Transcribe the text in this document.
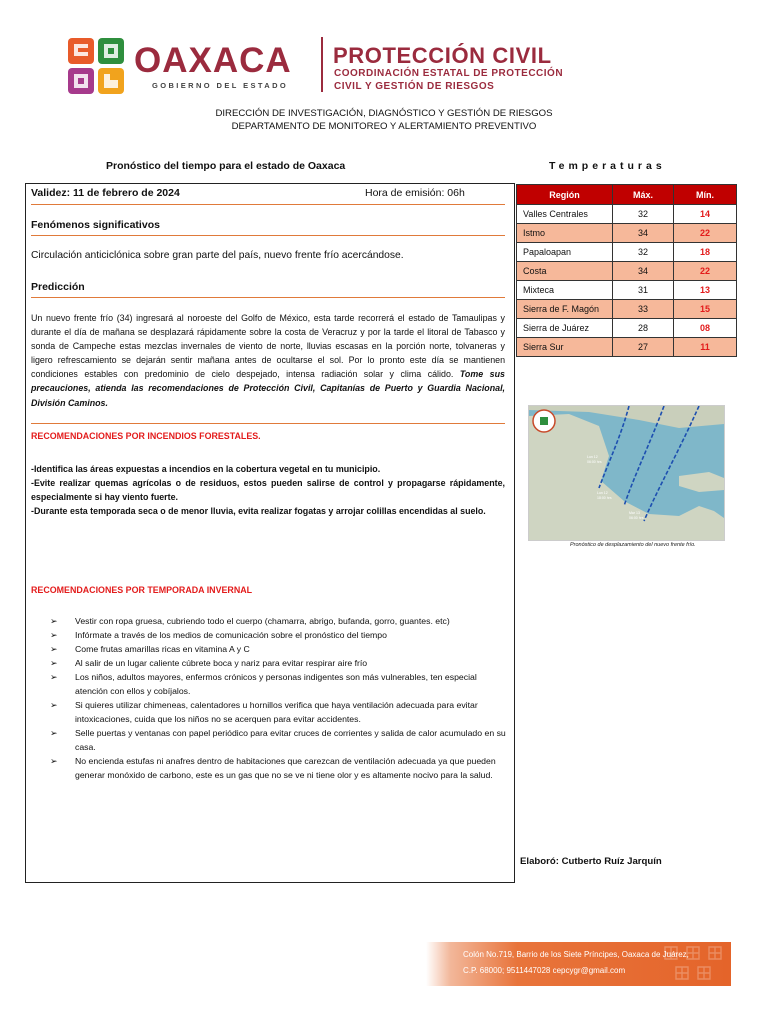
OAXACA
GOBIERNO DEL ESTADO
PROTECCIÓN CIVIL
COORDINACIÓN ESTATAL DE PROTECCIÓN
CIVIL Y GESTIÓN DE RIESGOS
DIRECCIÓN DE INVESTIGACIÓN, DIAGNÓSTICO Y GESTIÓN DE RIESGOS
DEPARTAMENTO DE MONITOREO Y ALERTAMIENTO PREVENTIVO
Pronóstico del tiempo para el estado de Oaxaca	Temperaturas
Validez: 11 de febrero de 2024	Hora de emisión: 06h
Fenómenos significativos
Circulación anticiclónica sobre gran parte del país, nuevo frente frío acercándose.
Predicción
Un nuevo frente frío (34) ingresará al noroeste del Golfo de México, esta tarde recorrerá el estado de Tamaulipas y durante el día de mañana se desplazará rápidamente sobre la costa de Veracruz y por la tarde el litoral de Tabasco y sonda de Campeche estas mezclas invernales de viento de norte, lluvias escasas en la porción norte, tolvaneras y ligero refrescamiento se dejarán sentir mañana antes de ocultarse el sol. Por lo pronto este día se mantienen condiciones estables con predominio de cielo despejado, intensa radiación solar y clima cálido. Tome sus precauciones, atienda las recomendaciones de Protección Civil, Capitanías de Puerto y Guardia Nacional, División Caminos.
RECOMENDACIONES POR INCENDIOS FORESTALES.
-Identifica las áreas expuestas a incendios en la cobertura vegetal en tu municipio.
-Evite realizar quemas agrícolas o de residuos, estos pueden salirse de control y propagarse rápidamente, especialmente si hay viento fuerte.
-Durante esta temporada seca o de menor lluvia, evita realizar fogatas y arrojar colillas encendidas al suelo.
RECOMENDACIONES POR TEMPORADA INVERNAL
➢ Vestir con ropa gruesa, cubriendo todo el cuerpo (chamarra, abrigo, bufanda, gorro, guantes. etc)
➢ Infórmate a través de los medios de comunicación sobre el pronóstico del tiempo
➢ Come frutas amarillas ricas en vitamina A y C
➢ Al salir de un lugar caliente cúbrete boca y nariz para evitar respirar aire frío
➢ Los niños, adultos mayores, enfermos crónicos y personas indigentes son más vulnerables, ten especial atención con ellos y cobíjalos.
➢ Si quieres utilizar chimeneas, calentadores u hornillos verifica que haya ventilación adecuada para evitar intoxicaciones, cuida que los niños no se acerquen para evitar accidentes.
➢ Selle puertas y ventanas con papel periódico para evitar cruces de corrientes y salida de calor acumulado en su casa.
➢ No encienda estufas ni anafres dentro de habitaciones que carezcan de ventilación adecuada ya que pueden generar monóxido de carbono, este es un gas que no se ve ni tiene olor y es altamente nocivo para la salud.
Región	Máx.	Mín.
Valles Centrales	32	14
Istmo	34	22
Papaloapan	32	18
Costa	34	22
Mixteca	31	13
Sierra de F. Magón	33	15
Sierra de Juárez	28	08
Sierra Sur	27	11
Lun 12
06:00 hrs
Lun 12
18:00 hrs
Mar 13
06:00 hrs
Pronóstico de desplazamiento del nuevo frente frío.
Elaboró: Cutberto Ruíz Jarquín
Colón No.719, Barrio de los Siete Príncipes, Oaxaca de Juárez,
C.P. 68000; 9511447028 cepcygr@gmail.com
